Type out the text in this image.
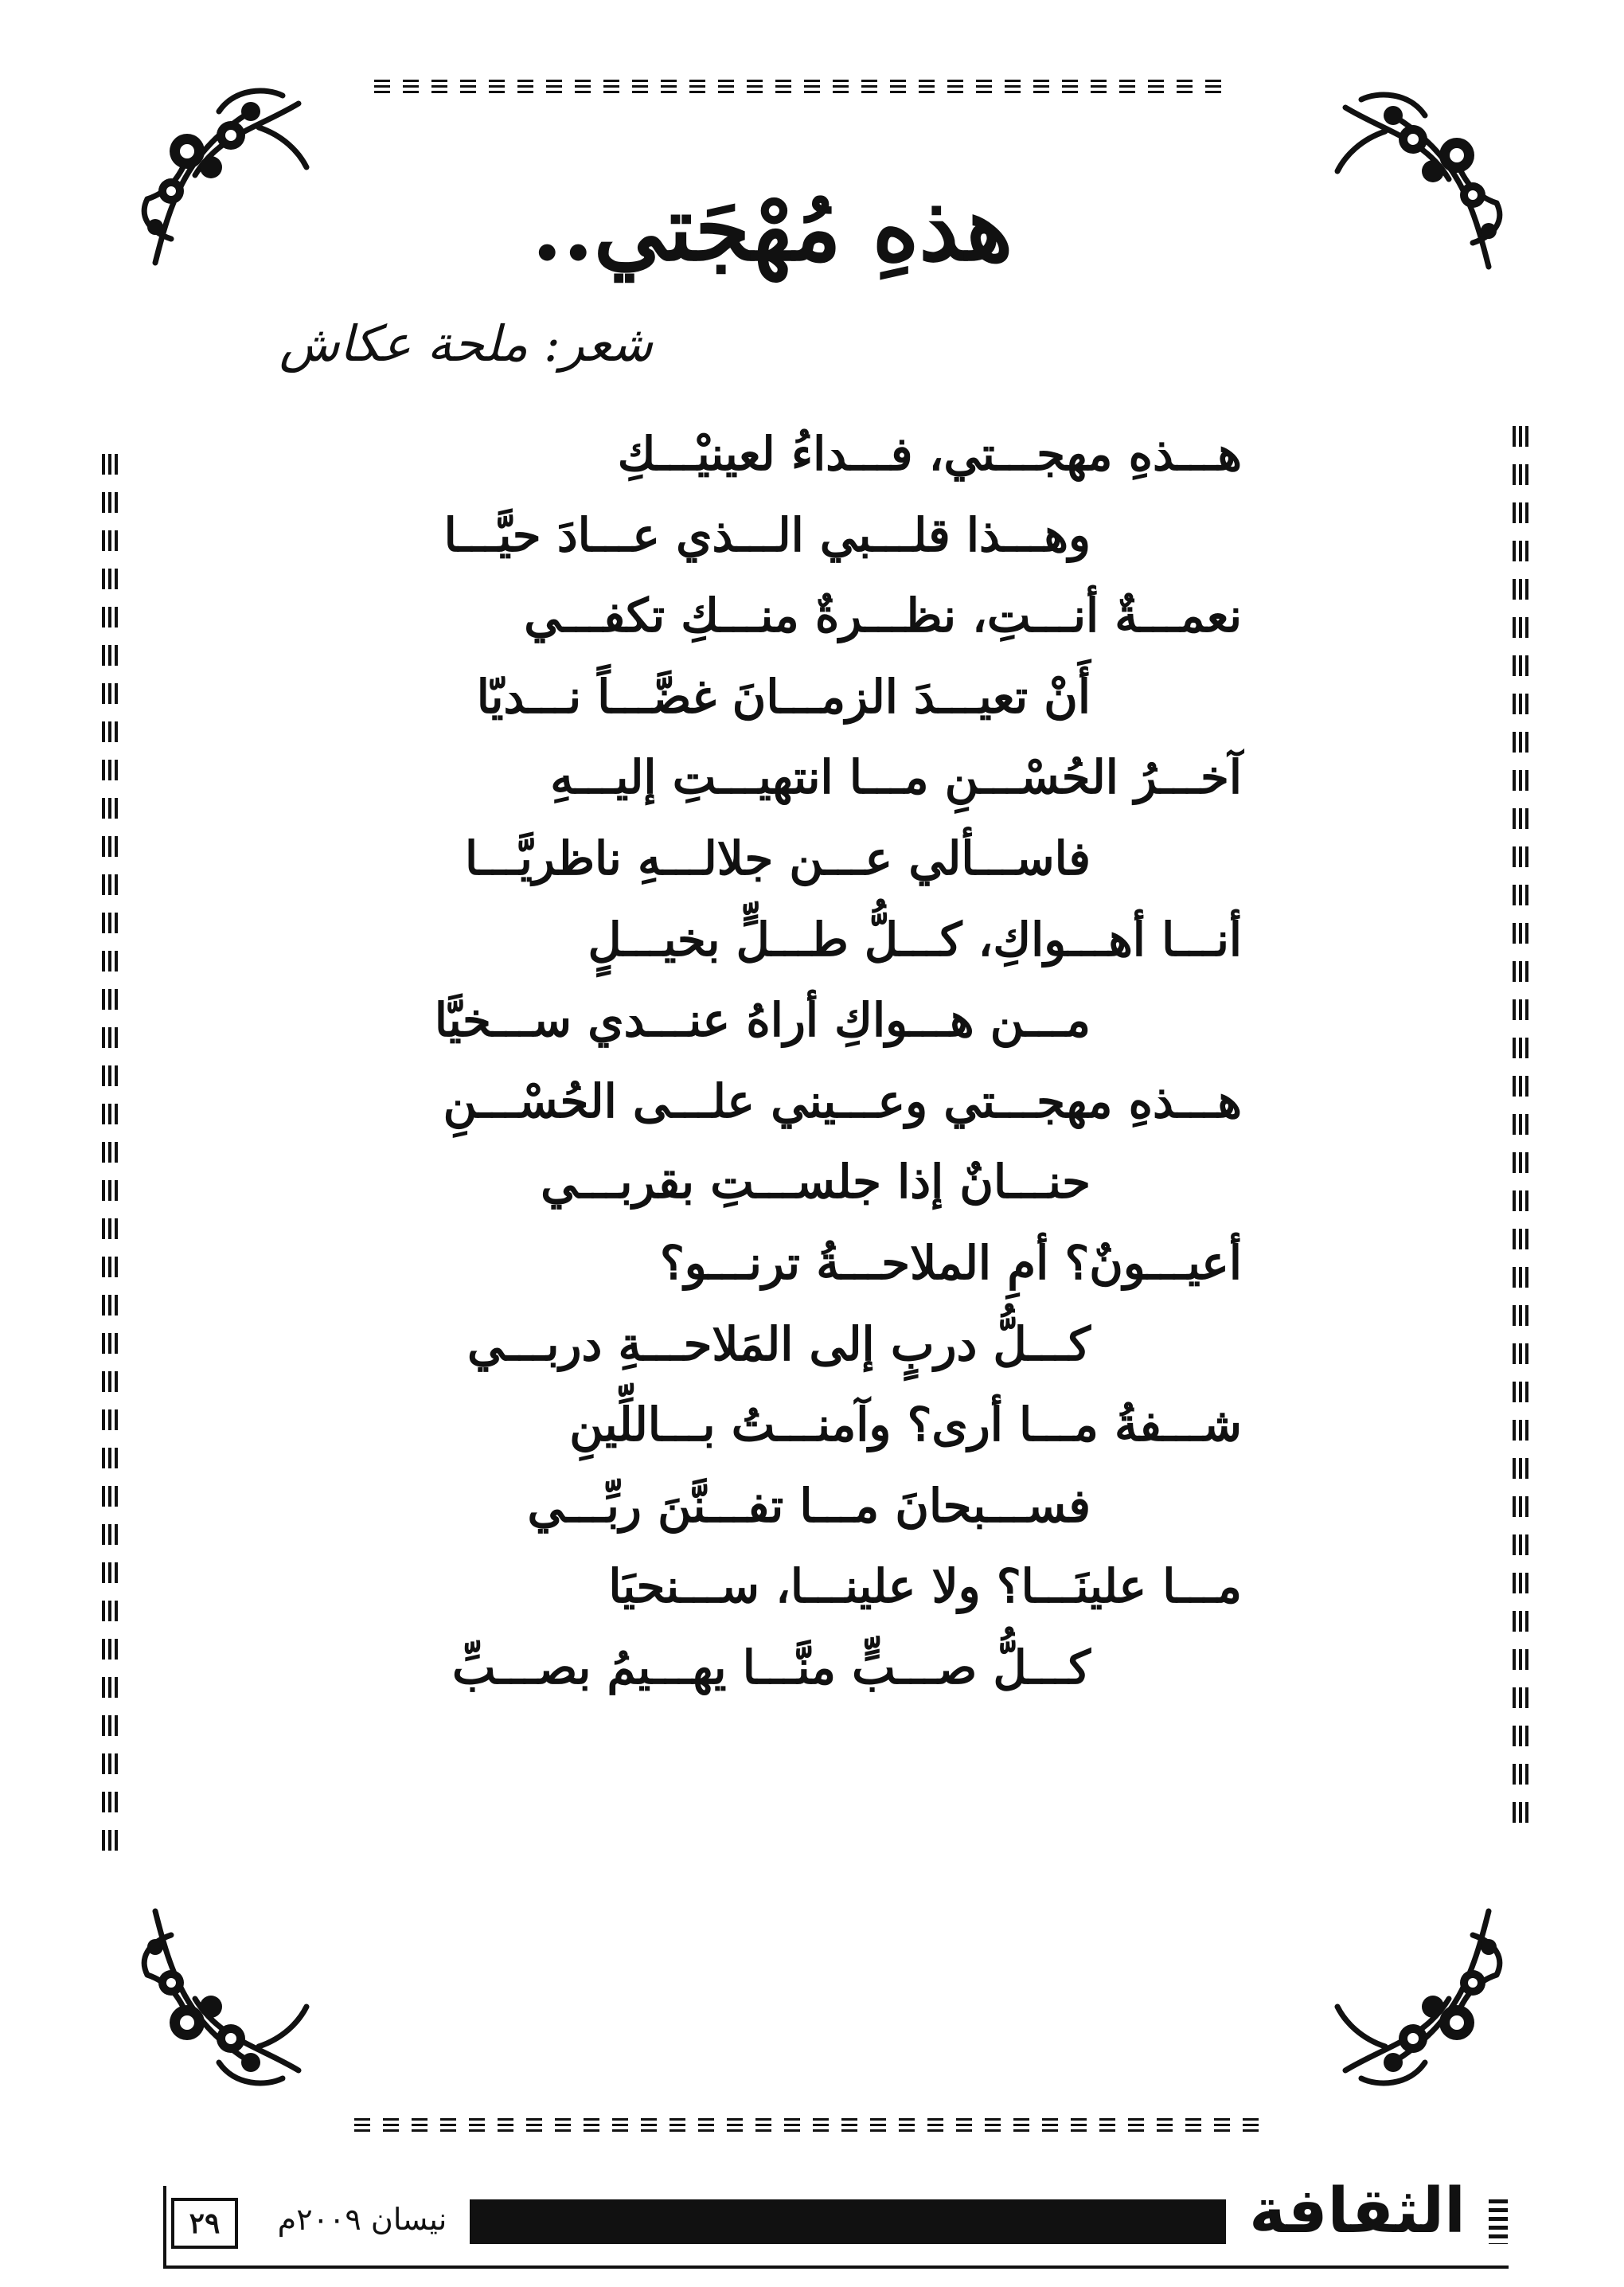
هذهِ مُهْجَتي..
شعر: ملحة عكاش
هـــذهِ مهجـــتي، فـــداءُ لعينيْـــكِ
وهـــذا قلـــبي الـــذي عـــادَ حيَّـــا
نعمـــةٌ أنـــتِ، نظـــرةٌ منـــكِ تكفـــي
أَنْ تعيـــدَ الزمـــانَ غضَّـــاً نـــديّا
آخـــرُ الحُسْـــنِ مـــا انتهيـــتِ إليـــهِ
فاســـألي عـــن جلالـــهِ ناظريَّـــا
أنـــا أهـــواكِ، كـــلُّ طـــلٍّ بخيـــلٍ
مـــن هـــواكِ أراهُ عنـــدي ســـخيَّا
هـــذهِ مهجـــتي وعـــيني علـــى الحُسْـــنِ
حنـــانٌ إذا جلســـتِ بقربـــي
أعيـــونٌ؟ أمِ الملاحـــةُ ترنـــو؟
كـــلُّ دربٍ إلى المَلاحـــةِ دربـــي
شـــفةُ مـــا أرى؟ وآمنـــتُ بـــاللِّينِ
فســـبحانَ مـــا تفـــنَّنَ ربِّـــي
مـــا علينَـــا؟ ولا علينـــا، ســـنحيَا
كـــلُّ صـــبٍّ منَّـــا يهـــيمُ بصـــبِّ
٢٩	نيسان ٢٠٠٩م	الثقافة
